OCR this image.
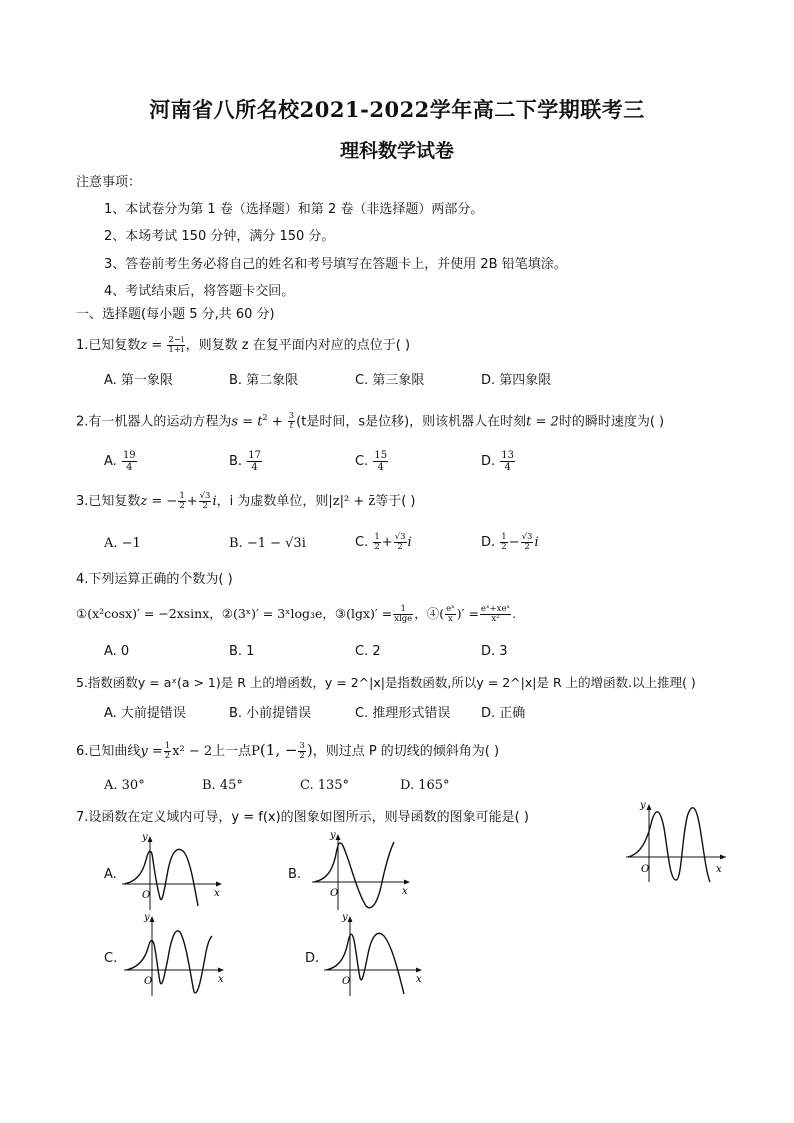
河南省八所名校2021-2022学年高二下学期联考三
理科数学试卷
注意事项：
1、本试卷分为第 1 卷（选择题）和第 2 卷（非选择题）两部分。
2、本场考试 150 分钟，满分 150 分。
3、答卷前考生务必将自己的姓名和考号填写在答题卡上，并使用 2B 铅笔填涂。
4、考试结束后，将答题卡交回。
一、选择题(每小题 5 分,共 60 分)
1.已知复数$z = \frac{2-i}{1+i}$ ，则复数 z 在复平面内对应的点位于( )
A. 第一象限	B. 第二象限	C. 第三象限	D. 第四象限
2.有一机器人的运动方程为$s = t^2 + \frac{3}{t} (t$是时间，s是位移)，则该机器人在时刻t = 2时的瞬时速度为( )
A. $\frac{19}{4}$	B. $\frac{17}{4}$	C. $\frac{15}{4}$	D. $\frac{13}{4}$
3.已知复数z = − $\frac{1}{2} + \frac{√3}{2}$ i，i 为虚数单位，则|z|² + z̄等于( )
A. −1	B. −1 − √3i	C. $\frac{1}{2} + \frac{√3}{2}$ i	D. $\frac{1}{2} - \frac{√3}{2}$ i
4.下列运算正确的个数为( )
①(x²cosx)′ = −2xsinx，②(3ˣ)′ = 3ˣlog₃e，③(lgx)′ = $\frac{1}{xlge}$ ，④( $\frac{\text{eˣ}}{x}$ )′ = eˣ+xeˣ
x²	.
A. 0	B. 1	C. 2	D. 3
5.指数函数y = aˣ(a > 1)是 R 上的增函数，y = 2^|x|是指数函数,所以y = 2^|x|是 R 上的增函数.以上推理( )
A. 大前提错误	B. 小前提错误	C. 推理形式错误 D. 正确
6.已知曲线$y = \frac{1}{2} x^2 - 2$上一点P(1, − $\frac{3}{2}$ )，则过点 P 的切线的倾斜角为( )
A. 30°	B. 45°	C. 135°	D. 165°
7.设函数在定义域内可导，y = f(x)的图象如图所示，则导函数的图象可能是( )
O	x
y
A.
O	x
y
B.
O	x
y
C.
O	x
y
D.
O	x
y
